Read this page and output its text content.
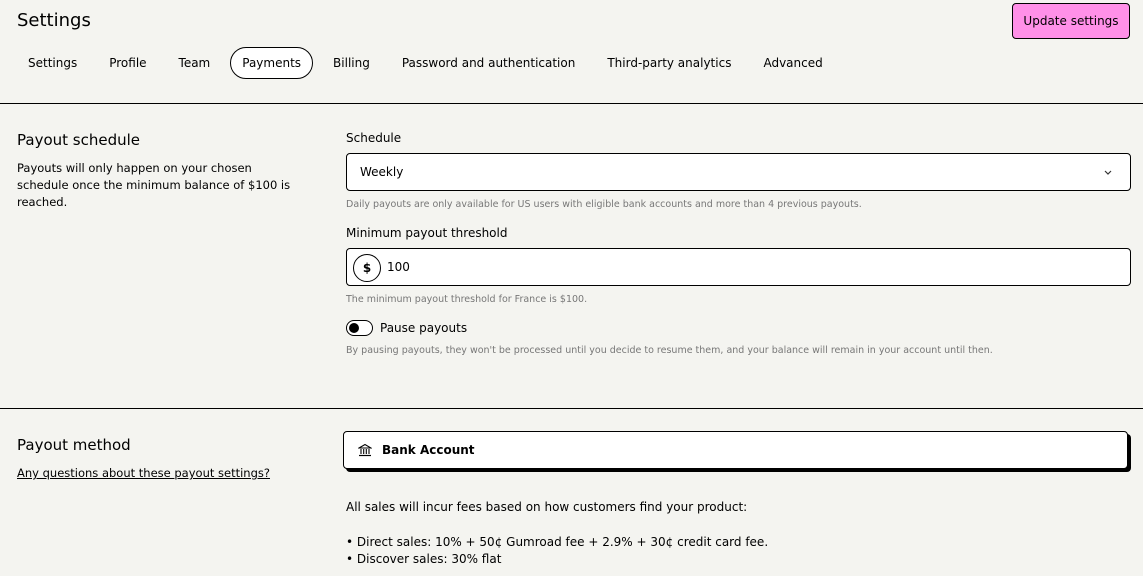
Settings	Update settings
Settings	Profile	Team	Payments	Billing	Password and authentication	Third-party analytics	Advanced
Payout schedule

Payouts will only happen on your chosen schedule once the minimum balance of $100 is reached.

Schedule
Weekly
Daily payouts are only available for US users with eligible bank accounts and more than 4 previous payouts.
Minimum payout threshold
$
100
The minimum payout threshold for France is $100.
Pause payouts
By pausing payouts, they won't be processed until you decide to resume them, and your balance will remain in your account until then.
Payout method
Any questions about these payout settings?
Bank Account
All sales will incur fees based on how customers find your product:
• Direct sales: 10% + 50¢ Gumroad fee + 2.9% + 30¢ credit card fee.
• Discover sales: 30% flat
